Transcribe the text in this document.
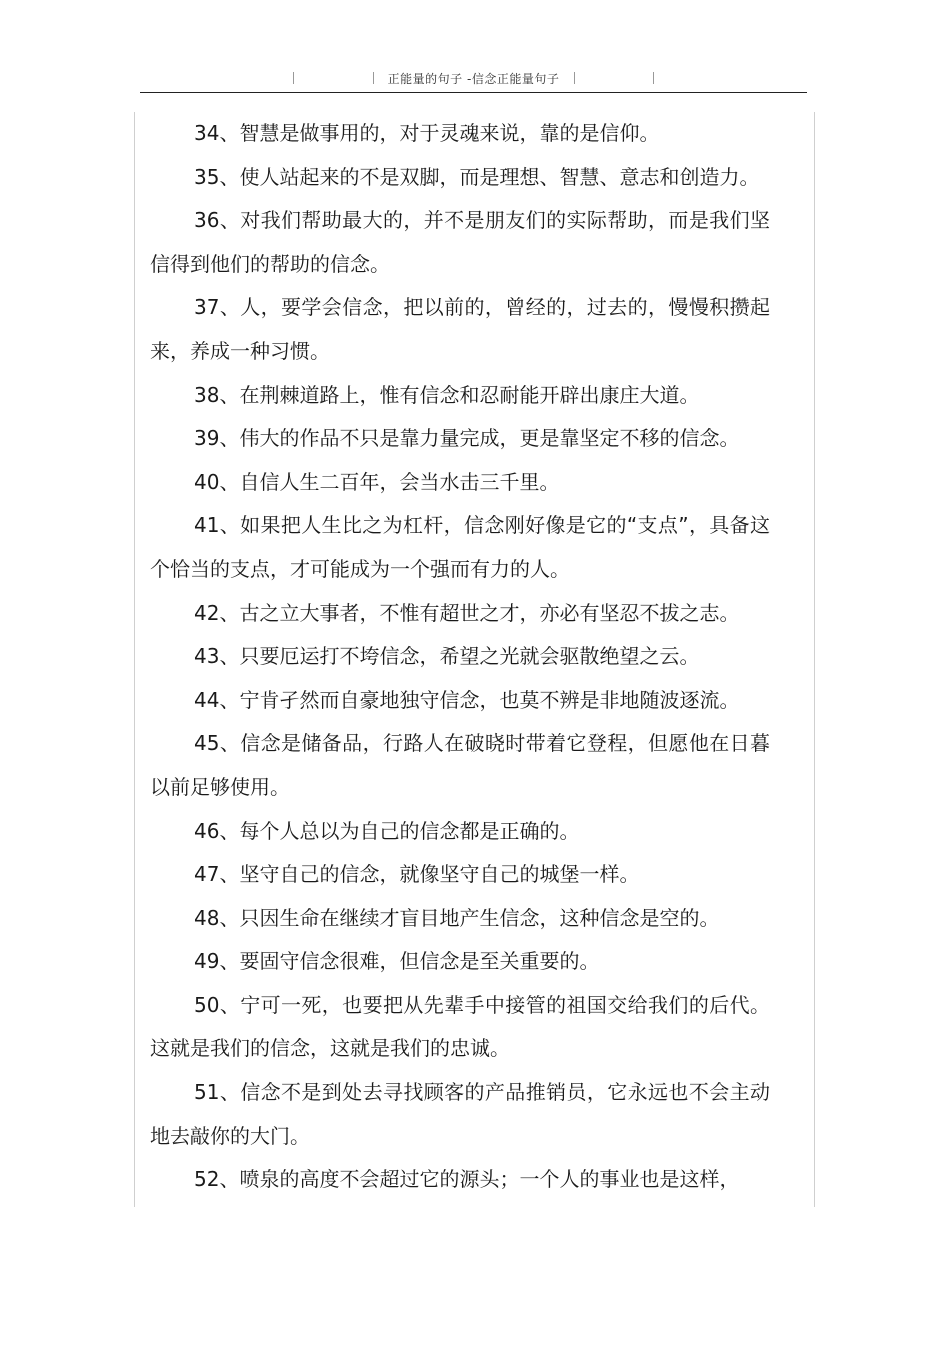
正能量的句子 -信念正能量句子

34、智慧是做事用的，对于灵魂来说，靠的是信仰。

35、使人站起来的不是双脚，而是理想、智慧、意志和创造力。

36、对我们帮助最大的，并不是朋友们的实际帮助，而是我们坚信得到他们的帮助的信念。

37、人，要学会信念，把以前的，曾经的，过去的，慢慢积攒起来，养成一种习惯。

38、在荆棘道路上，惟有信念和忍耐能开辟出康庄大道。

39、伟大的作品不只是靠力量完成，更是靠坚定不移的信念。

40、自信人生二百年，会当水击三千里。

41、如果把人生比之为杠杆，信念刚好像是它的“支点”，具备这个恰当的支点，才可能成为一个强而有力的人。

42、古之立大事者，不惟有超世之才，亦必有坚忍不拔之志。

43、只要厄运打不垮信念，希望之光就会驱散绝望之云。

44、宁肯孑然而自豪地独守信念，也莫不辨是非地随波逐流。

45、信念是储备品，行路人在破晓时带着它登程，但愿他在日暮以前足够使用。

46、每个人总以为自己的信念都是正确的。

47、坚守自己的信念，就像坚守自己的城堡一样。

48、只因生命在继续才盲目地产生信念，这种信念是空的。

49、要固守信念很难，但信念是至关重要的。

50、宁可一死，也要把从先辈手中接管的祖国交给我们的后代。这就是我们的信念，这就是我们的忠诚。

51、信念不是到处去寻找顾客的产品推销员，它永远也不会主动地去敲你的大门。

52、喷泉的高度不会超过它的源头；一个人的事业也是这样，
